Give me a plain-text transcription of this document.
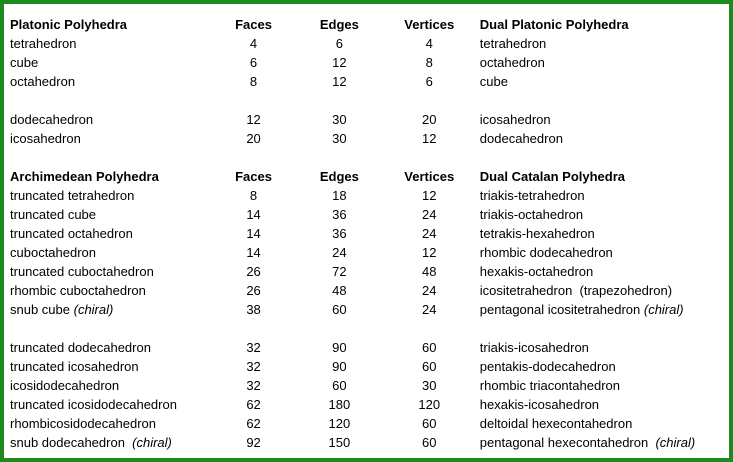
Platonic Polyhedra	Faces	Edges	Vertices	Dual Platonic Polyhedra
tetrahedron	4	6	4	tetrahedron
cube	6	12	8	octahedron
octahedron	8	12	6	cube

dodecahedron	12	30	20	icosahedron
icosahedron	20	30	12	dodecahedron

Archimedean Polyhedra	Faces	Edges	Vertices	Dual Catalan Polyhedra
truncated tetrahedron	8	18	12	triakis-tetrahedron
truncated cube	14	36	24	triakis-octahedron
truncated octahedron	14	36	24	tetrakis-hexahedron
cuboctahedron	14	24	12	rhombic dodecahedron
truncated cuboctahedron	26	72	48	hexakis-octahedron
rhombic cuboctahedron	26	48	24	icositetrahedron  (trapezohedron)
snub cube (chiral)	38	60	24	pentagonal icositetrahedron (chiral)

truncated dodecahedron	32	90	60	triakis-icosahedron
truncated icosahedron	32	90	60	pentakis-dodecahedron
icosidodecahedron	32	60	30	rhombic triacontahedron
truncated icosidodecahedron	62	180	120	hexakis-icosahedron
rhombicosidodecahedron	62	120	60	deltoidal hexecontahedron
snub dodecahedron  (chiral)	92	150	60	pentagonal hexecontahedron  (chiral)
